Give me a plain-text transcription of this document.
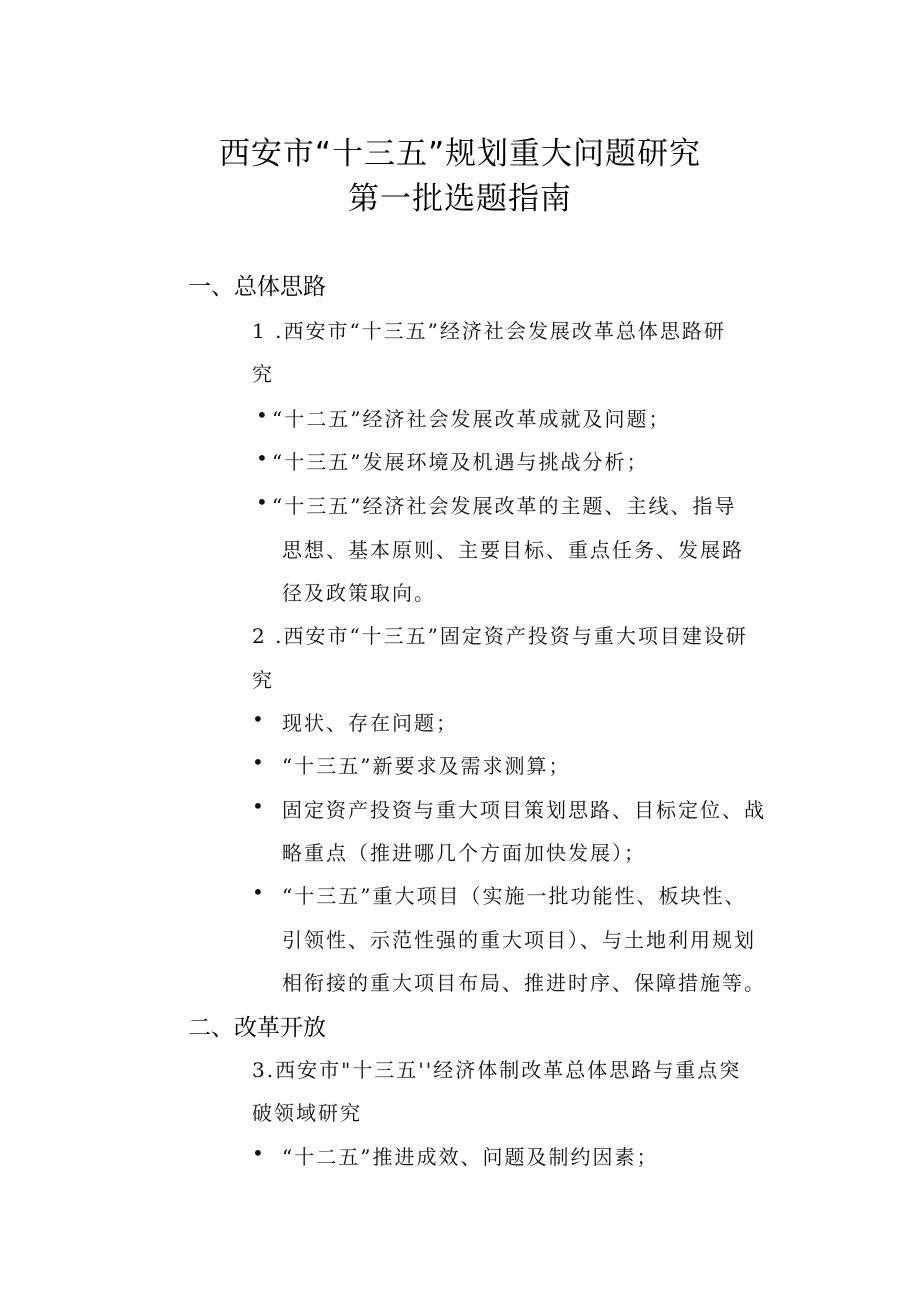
西安市“十三五”规划重大问题研究
第一批选题指南
一、总体思路
1 .西安市“十三五”经济社会发展改革总体思路研
究
• “十二五”经济社会发展改革成就及问题；
• “十三五”发展环境及机遇与挑战分析；
• “十三五”经济社会发展改革的主题、主线、指导
思想、基本原则、主要目标、重点任务、发展路
径及政策取向。
2 .西安市“十三五”固定资产投资与重大项目建设研
究
• 现状、存在问题；
• “十三五”新要求及需求测算；
• 固定资产投资与重大项目策划思路、目标定位、战
略重点（推进哪几个方面加快发展）；
• “十三五”重大项目（实施一批功能性、板块性、
引领性、示范性强的重大项目）、与土地利用规划
相衔接的重大项目布局、推进时序、保障措施等。
二、改革开放
3.西安市"十三五''经济体制改革总体思路与重点突
破领域研究
• “十二五”推进成效、问题及制约因素；
